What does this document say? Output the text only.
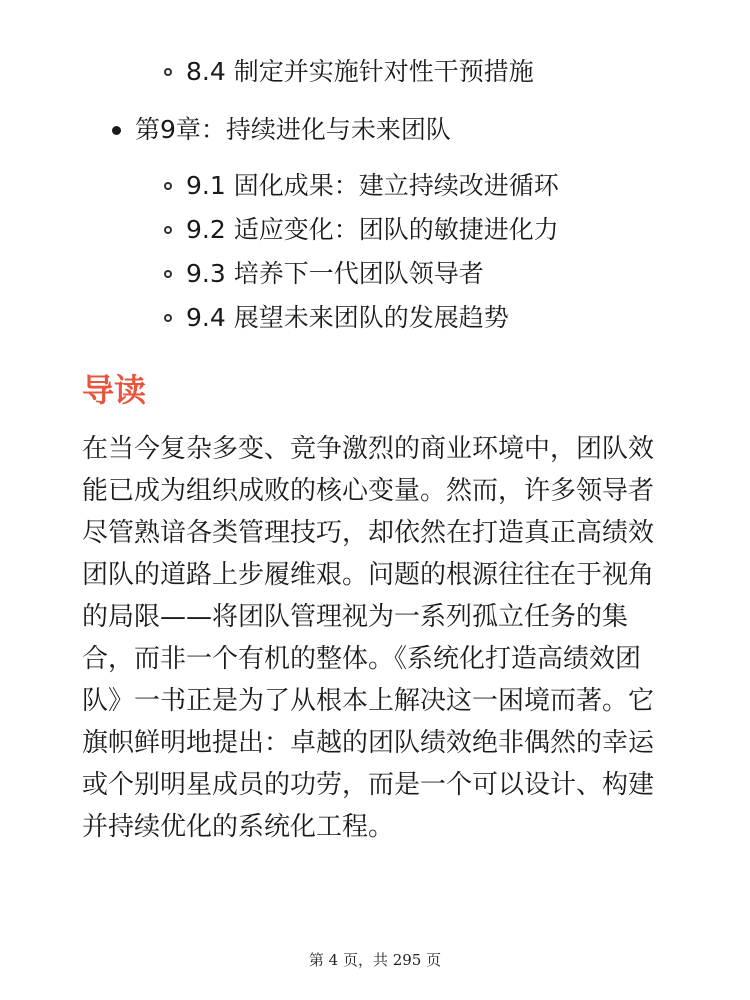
8.4 制定并实施针对性干预措施
第9章：持续进化与未来团队
9.1 固化成果：建立持续改进循环
9.2 适应变化：团队的敏捷进化力
9.3 培养下一代团队领导者
9.4 展望未来团队的发展趋势
导读

在当今复杂多变、竞争激烈的商业环境中，团队效
能已成为组织成败的核心变量。然而，许多领导者
尽管熟谙各类管理技巧，却依然在打造真正高绩效
团队的道路上步履维艰。问题的根源往往在于视角
的局限——将团队管理视为一系列孤立任务的集
合，而非一个有机的整体。《系统化打造高绩效团
队》一书正是为了从根本上解决这一困境而著。它
旗帜鲜明地提出：卓越的团队绩效绝非偶然的幸运
或个别明星成员的功劳，而是一个可以设计、构建
并持续优化的系统化工程。

第 4 页，共 295 页
